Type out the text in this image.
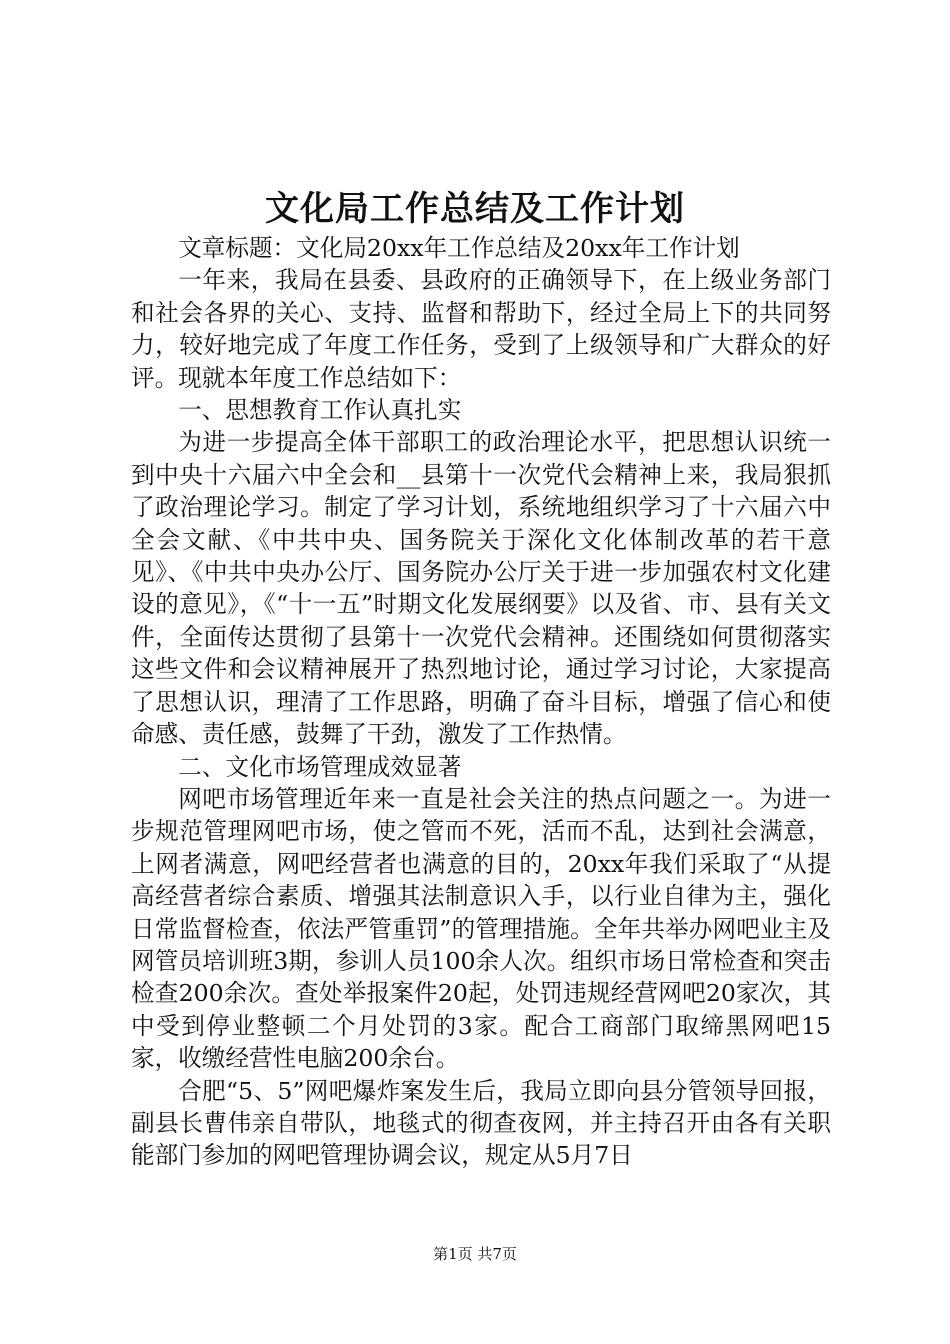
文化局工作总结及工作计划

文章标题：文化局20xx年工作总结及20xx年工作计划

一年来，我局在县委、县政府的正确领导下，在上级业务部门和社会各界的关心、支持、监督和帮助下，经过全局上下的共同努力，较好地完成了年度工作任务，受到了上级领导和广大群众的好评。现就本年度工作总结如下：

一、思想教育工作认真扎实

为进一步提高全体干部职工的政治理论水平，把思想认识统一到中央十六届六中全会和__县第十一次党代会精神上来，我局狠抓了政治理论学习。制定了学习计划，系统地组织学习了十六届六中全会文献、《中共中央、国务院关于深化文化体制改革的若干意见》、《中共中央办公厅、国务院办公厅关于进一步加强农村文化建设的意见》，《“十一五”时期文化发展纲要》以及省、市、县有关文件，全面传达贯彻了县第十一次党代会精神。还围绕如何贯彻落实这些文件和会议精神展开了热烈地讨论，通过学习讨论，大家提高了思想认识，理清了工作思路，明确了奋斗目标，增强了信心和使命感、责任感，鼓舞了干劲，激发了工作热情。

二、文化市场管理成效显著

网吧市场管理近年来一直是社会关注的热点问题之一。为进一步规范管理网吧市场，使之管而不死，活而不乱，达到社会满意，上网者满意，网吧经营者也满意的目的，20xx年我们采取了“从提高经营者综合素质、增强其法制意识入手，以行业自律为主，强化日常监督检查，依法严管重罚”的管理措施。全年共举办网吧业主及网管员培训班3期，参训人员100余人次。组织市场日常检查和突击检查200余次。查处举报案件20起，处罚违规经营网吧20家次，其中受到停业整顿二个月处罚的3家。配合工商部门取缔黑网吧15家，收缴经营性电脑200余台。

合肥“5、5”网吧爆炸案发生后，我局立即向县分管领导回报，副县长曹伟亲自带队，地毯式的彻查夜网，并主持召开由各有关职能部门参加的网吧管理协调会议，规定从5月7日

第1页 共7页
